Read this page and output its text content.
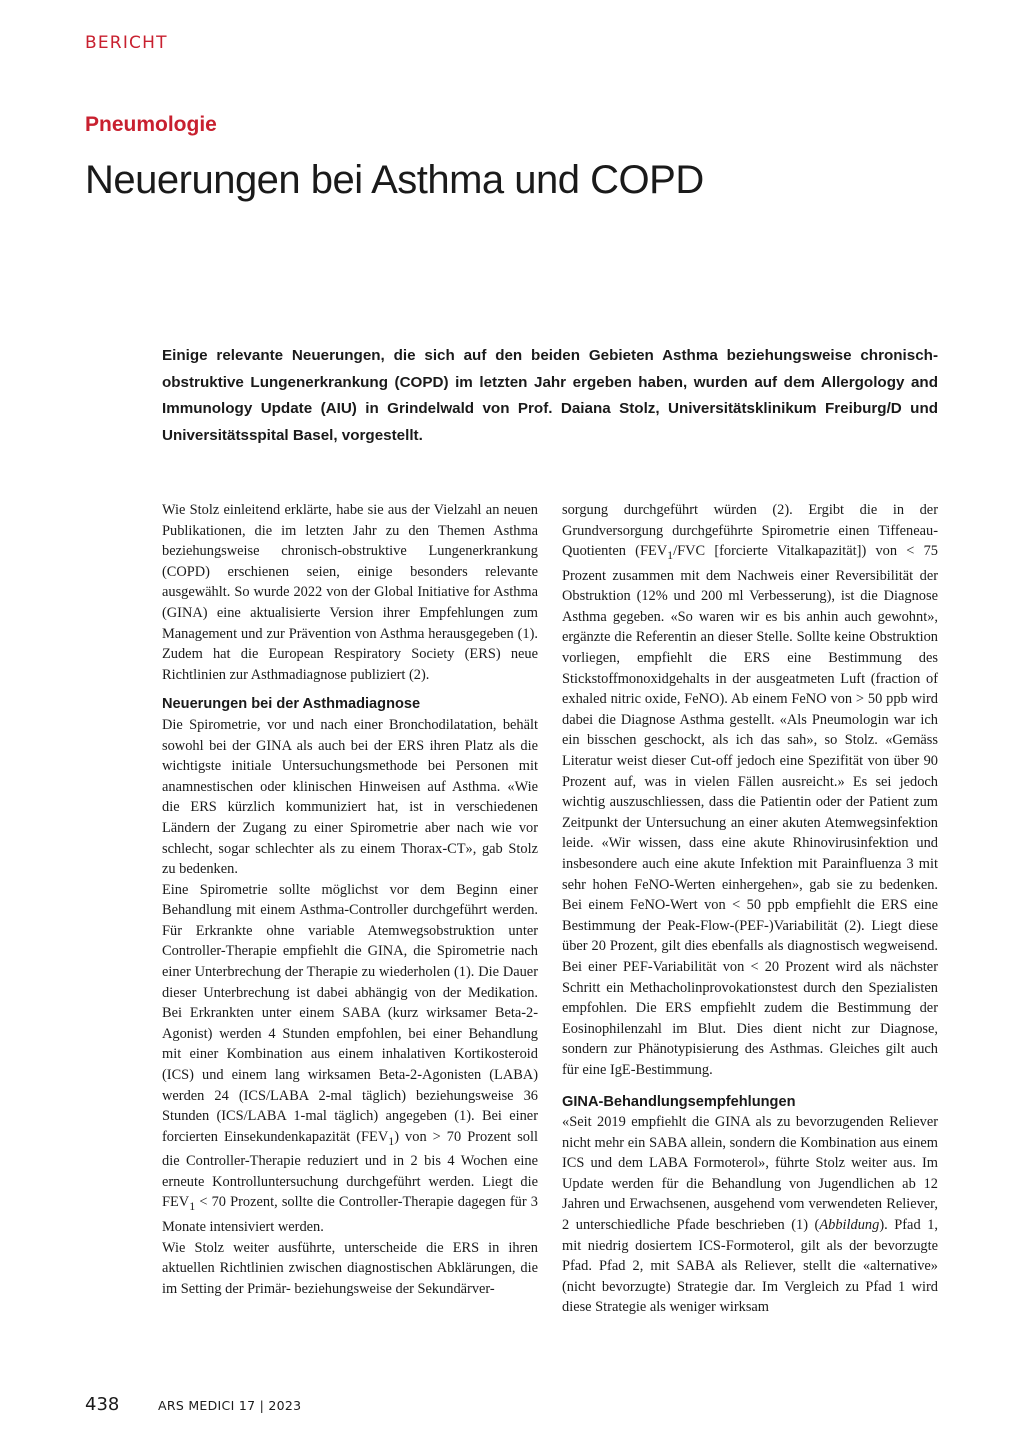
BERICHT
Pneumologie
Neuerungen bei Asthma und COPD

Einige relevante Neuerungen, die sich auf den beiden Gebieten Asthma beziehungsweise chronisch-obstruktive Lungenerkrankung (COPD) im letzten Jahr ergeben haben, wurden auf dem Allergology and Immunology Update (AIU) in Grindelwald von Prof. Daiana Stolz, Universitätsklinikum Freiburg/D und Universitätsspital Basel, vorgestellt.

Wie Stolz einleitend erklärte, habe sie aus der Vielzahl an neuen Publikationen, die im letzten Jahr zu den Themen Asthma beziehungsweise chronisch-obstruktive Lungenerkrankung (COPD) erschienen seien, einige besonders relevante ausgewählt. So wurde 2022 von der Global Initiative for Asthma (GINA) eine aktualisierte Version ihrer Empfehlungen zum Management und zur Prävention von Asthma herausgegeben (1). Zudem hat die European Respiratory Society (ERS) neue Richtlinien zur Asthmadiagnose publiziert (2).

Neuerungen bei der Asthmadiagnose

Die Spirometrie, vor und nach einer Bronchodilatation, behält sowohl bei der GINA als auch bei der ERS ihren Platz als die wichtigste initiale Untersuchungsmethode bei Personen mit anamnestischen oder klinischen Hinweisen auf Asthma. «Wie die ERS kürzlich kommuniziert hat, ist in verschiedenen Ländern der Zugang zu einer Spirometrie aber nach wie vor schlecht, sogar schlechter als zu einem Thorax-CT», gab Stolz zu bedenken.

Eine Spirometrie sollte möglichst vor dem Beginn einer Behandlung mit einem Asthma-Controller durchgeführt werden. Für Erkrankte ohne variable Atemwegsobstruktion unter Controller-Therapie empfiehlt die GINA, die Spirometrie nach einer Unterbrechung der Therapie zu wiederholen (1). Die Dauer dieser Unterbrechung ist dabei abhängig von der Medikation. Bei Erkrankten unter einem SABA (kurz wirksamer Beta-2-Agonist) werden 4 Stunden empfohlen, bei einer Behandlung mit einer Kombination aus einem inhalativen Kortikosteroid (ICS) und einem lang wirksamen Beta-2-Agonisten (LABA) werden 24 (ICS/LABA 2-mal täglich) beziehungsweise 36 Stunden (ICS/LABA 1-mal täglich) angegeben (1). Bei einer forcierten Einsekundenkapazität $(FEV_1)$ von > 70 Prozent soll die Controller-Therapie reduziert und in 2 bis 4 Wochen eine erneute Kontrolluntersuchung durchgeführt werden. Liegt die $FEV_1 < 70$ Prozent, sollte die Controller-Therapie dagegen für 3 Monate intensiviert werden.

Wie Stolz weiter ausführte, unterscheide die ERS in ihren aktuellen Richtlinien zwischen diagnostischen Abklärungen, die im Setting der Primär- beziehungsweise der Sekundärver-

sorgung durchgeführt würden (2). Ergibt die in der Grundversorgung durchgeführte Spirometrie einen Tiffeneau-Quotienten ($FEV_1$/FVC [forcierte Vitalkapazität]) von < 75 Prozent zusammen mit dem Nachweis einer Reversibilität der Obstruktion (12% und 200 ml Verbesserung), ist die Diagnose Asthma gegeben. «So waren wir es bis anhin auch gewohnt», ergänzte die Referentin an dieser Stelle. Sollte keine Obstruktion vorliegen, empfiehlt die ERS eine Bestimmung des Stickstoffmonoxidgehalts in der ausgeatmeten Luft (fraction of exhaled nitric oxide, FeNO). Ab einem FeNO von > 50 ppb wird dabei die Diagnose Asthma gestellt. «Als Pneumologin war ich ein bisschen geschockt, als ich das sah», so Stolz. «Gemäss Literatur weist dieser Cut-off jedoch eine Spezifität von über 90 Prozent auf, was in vielen Fällen ausreicht.» Es sei jedoch wichtig auszuschliessen, dass die Patientin oder der Patient zum Zeitpunkt der Untersuchung an einer akuten Atemwegsinfektion leide. «Wir wissen, dass eine akute Rhinovirusinfektion und insbesondere auch eine akute Infektion mit Parainfluenza 3 mit sehr hohen FeNO-Werten einhergehen», gab sie zu bedenken. Bei einem FeNO-Wert von < 50 ppb empfiehlt die ERS eine Bestimmung der Peak-Flow-(PEF-)Variabilität (2). Liegt diese über 20 Prozent, gilt dies ebenfalls als diagnostisch wegweisend. Bei einer PEF-Variabilität von < 20 Prozent wird als nächster Schritt ein Methacholinprovokationstest durch den Spezialisten empfohlen. Die ERS empfiehlt zudem die Bestimmung der Eosinophilenzahl im Blut. Dies dient nicht zur Diagnose, sondern zur Phänotypisierung des Asthmas. Gleiches gilt auch für eine IgE-Bestimmung.

GINA-Behandlungsempfehlungen

«Seit 2019 empfiehlt die GINA als zu bevorzugenden Reliever nicht mehr ein SABA allein, sondern die Kombination aus einem ICS und dem LABA Formoterol», führte Stolz weiter aus. Im Update werden für die Behandlung von Jugendlichen ab 12 Jahren und Erwachsenen, ausgehend vom verwendeten Reliever, 2 unterschiedliche Pfade beschrieben (1) (Abbildung). Pfad 1, mit niedrig dosiertem ICS-Formoterol, gilt als der bevorzugte Pfad. Pfad 2, mit SABA als Reliever, stellt die «alternative» (nicht bevorzugte) Strategie dar. Im Vergleich zu Pfad 1 wird diese Strategie als weniger wirksam

438	ARS MEDICI 17 | 2023
